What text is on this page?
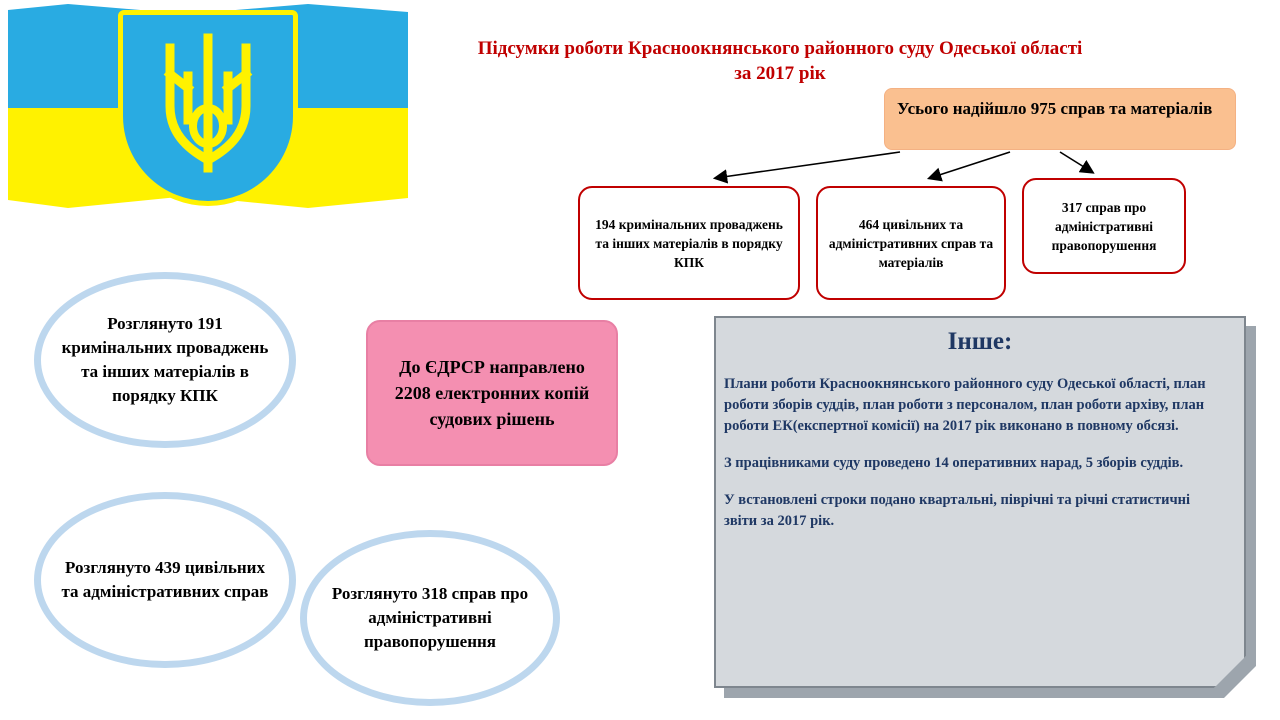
Підсумки роботи Красноокнянського районного суду Одеської області
за 2017 рік
Усього надійшло 975 справ та матеріалів
194 кримінальних проваджень та інших матеріалів в порядку КПК
464 цивільних та адміністративних справ та матеріалів
317 справ про адміністративні правопорушення
Розглянуто 191 кримінальних проваджень та інших матеріалів в порядку КПК
Розглянуто 439 цивільних та адміністративних справ	Розглянуто 318 справ про адміністративні правопорушення
До ЄДРСР направлено 2208 електронних копій судових рішень
Інше:

Плани роботи Красноокнянського районного суду Одеської області, план роботи зборів суддів, план роботи з персоналом, план роботи архіву, план роботи ЕК(експертної комісії) на 2017 рік виконано в повному обсязі.

З працівниками суду проведено 14 оперативних нарад, 5 зборів суддів.

У встановлені строки подано квартальні, піврічні та річні статистичні звіти за 2017 рік.
